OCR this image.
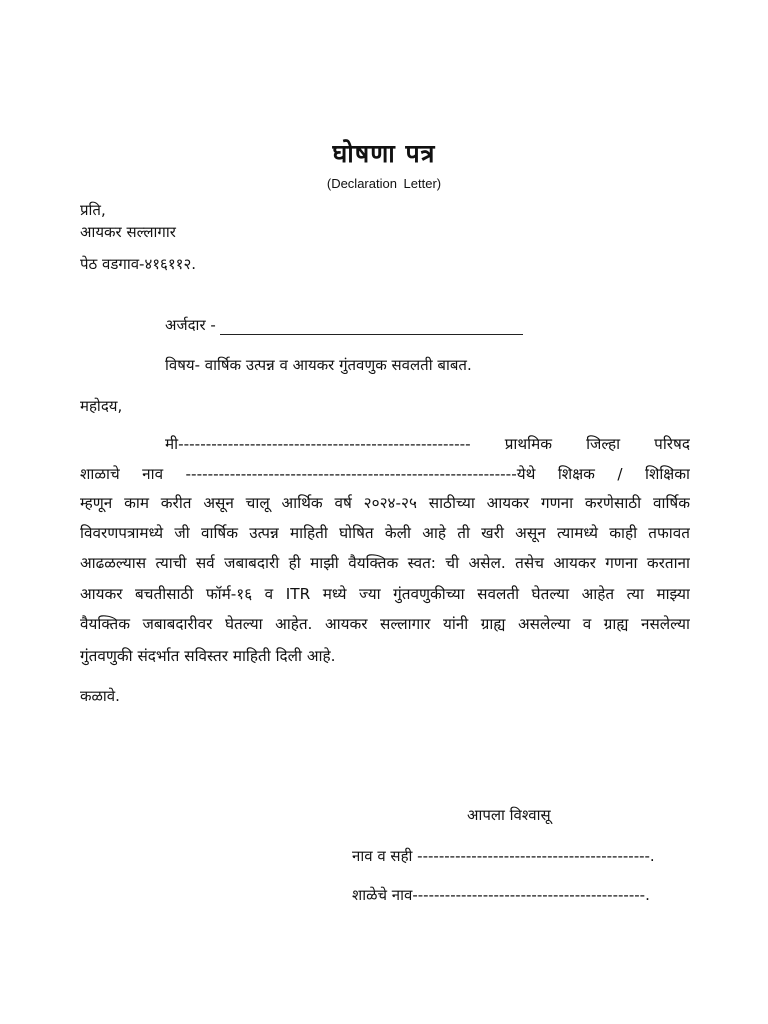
घोषणा पत्र
(Declaration Letter)
प्रति,
आयकर सल्लागार
पेठ वडगाव-४१६११२.
अर्जदार -
विषय- वार्षिक उत्पन्न व आयकर गुंतवणुक सवलती बाबत.
महोदय,
मी----------------------------------------------------- प्राथमिक जिल्हा परिषद
शाळाचे नाव ------------------------------------------------------------येथे शिक्षक / शिक्षिका
म्हणून काम करीत असून चालू आर्थिक वर्ष २०२४-२५ साठीच्या आयकर गणना करणेसाठी वार्षिक
विवरणपत्रामध्ये जी वार्षिक उत्पन्न माहिती घोषित केली आहे ती खरी असून त्यामध्ये काही तफावत
आढळल्यास त्याची सर्व जबाबदारी ही माझी वैयक्तिक स्वत: ची असेल. तसेच आयकर गणना करताना
आयकर बचतीसाठी फॉर्म-१६ व ITR मध्ये ज्या गुंतवणुकीच्या सवलती घेतल्या आहेत त्या माझ्या
वैयक्तिक जबाबदारीवर घेतल्या आहेत. आयकर सल्लागार यांनी ग्राह्य असलेल्या व ग्राह्य नसलेल्या
गुंतवणुकी संदर्भात सविस्तर माहिती दिली आहे.
कळावे.
आपला विश्वासू
नाव व सही -------------------------------------------.
शाळेचे नाव-------------------------------------------.
